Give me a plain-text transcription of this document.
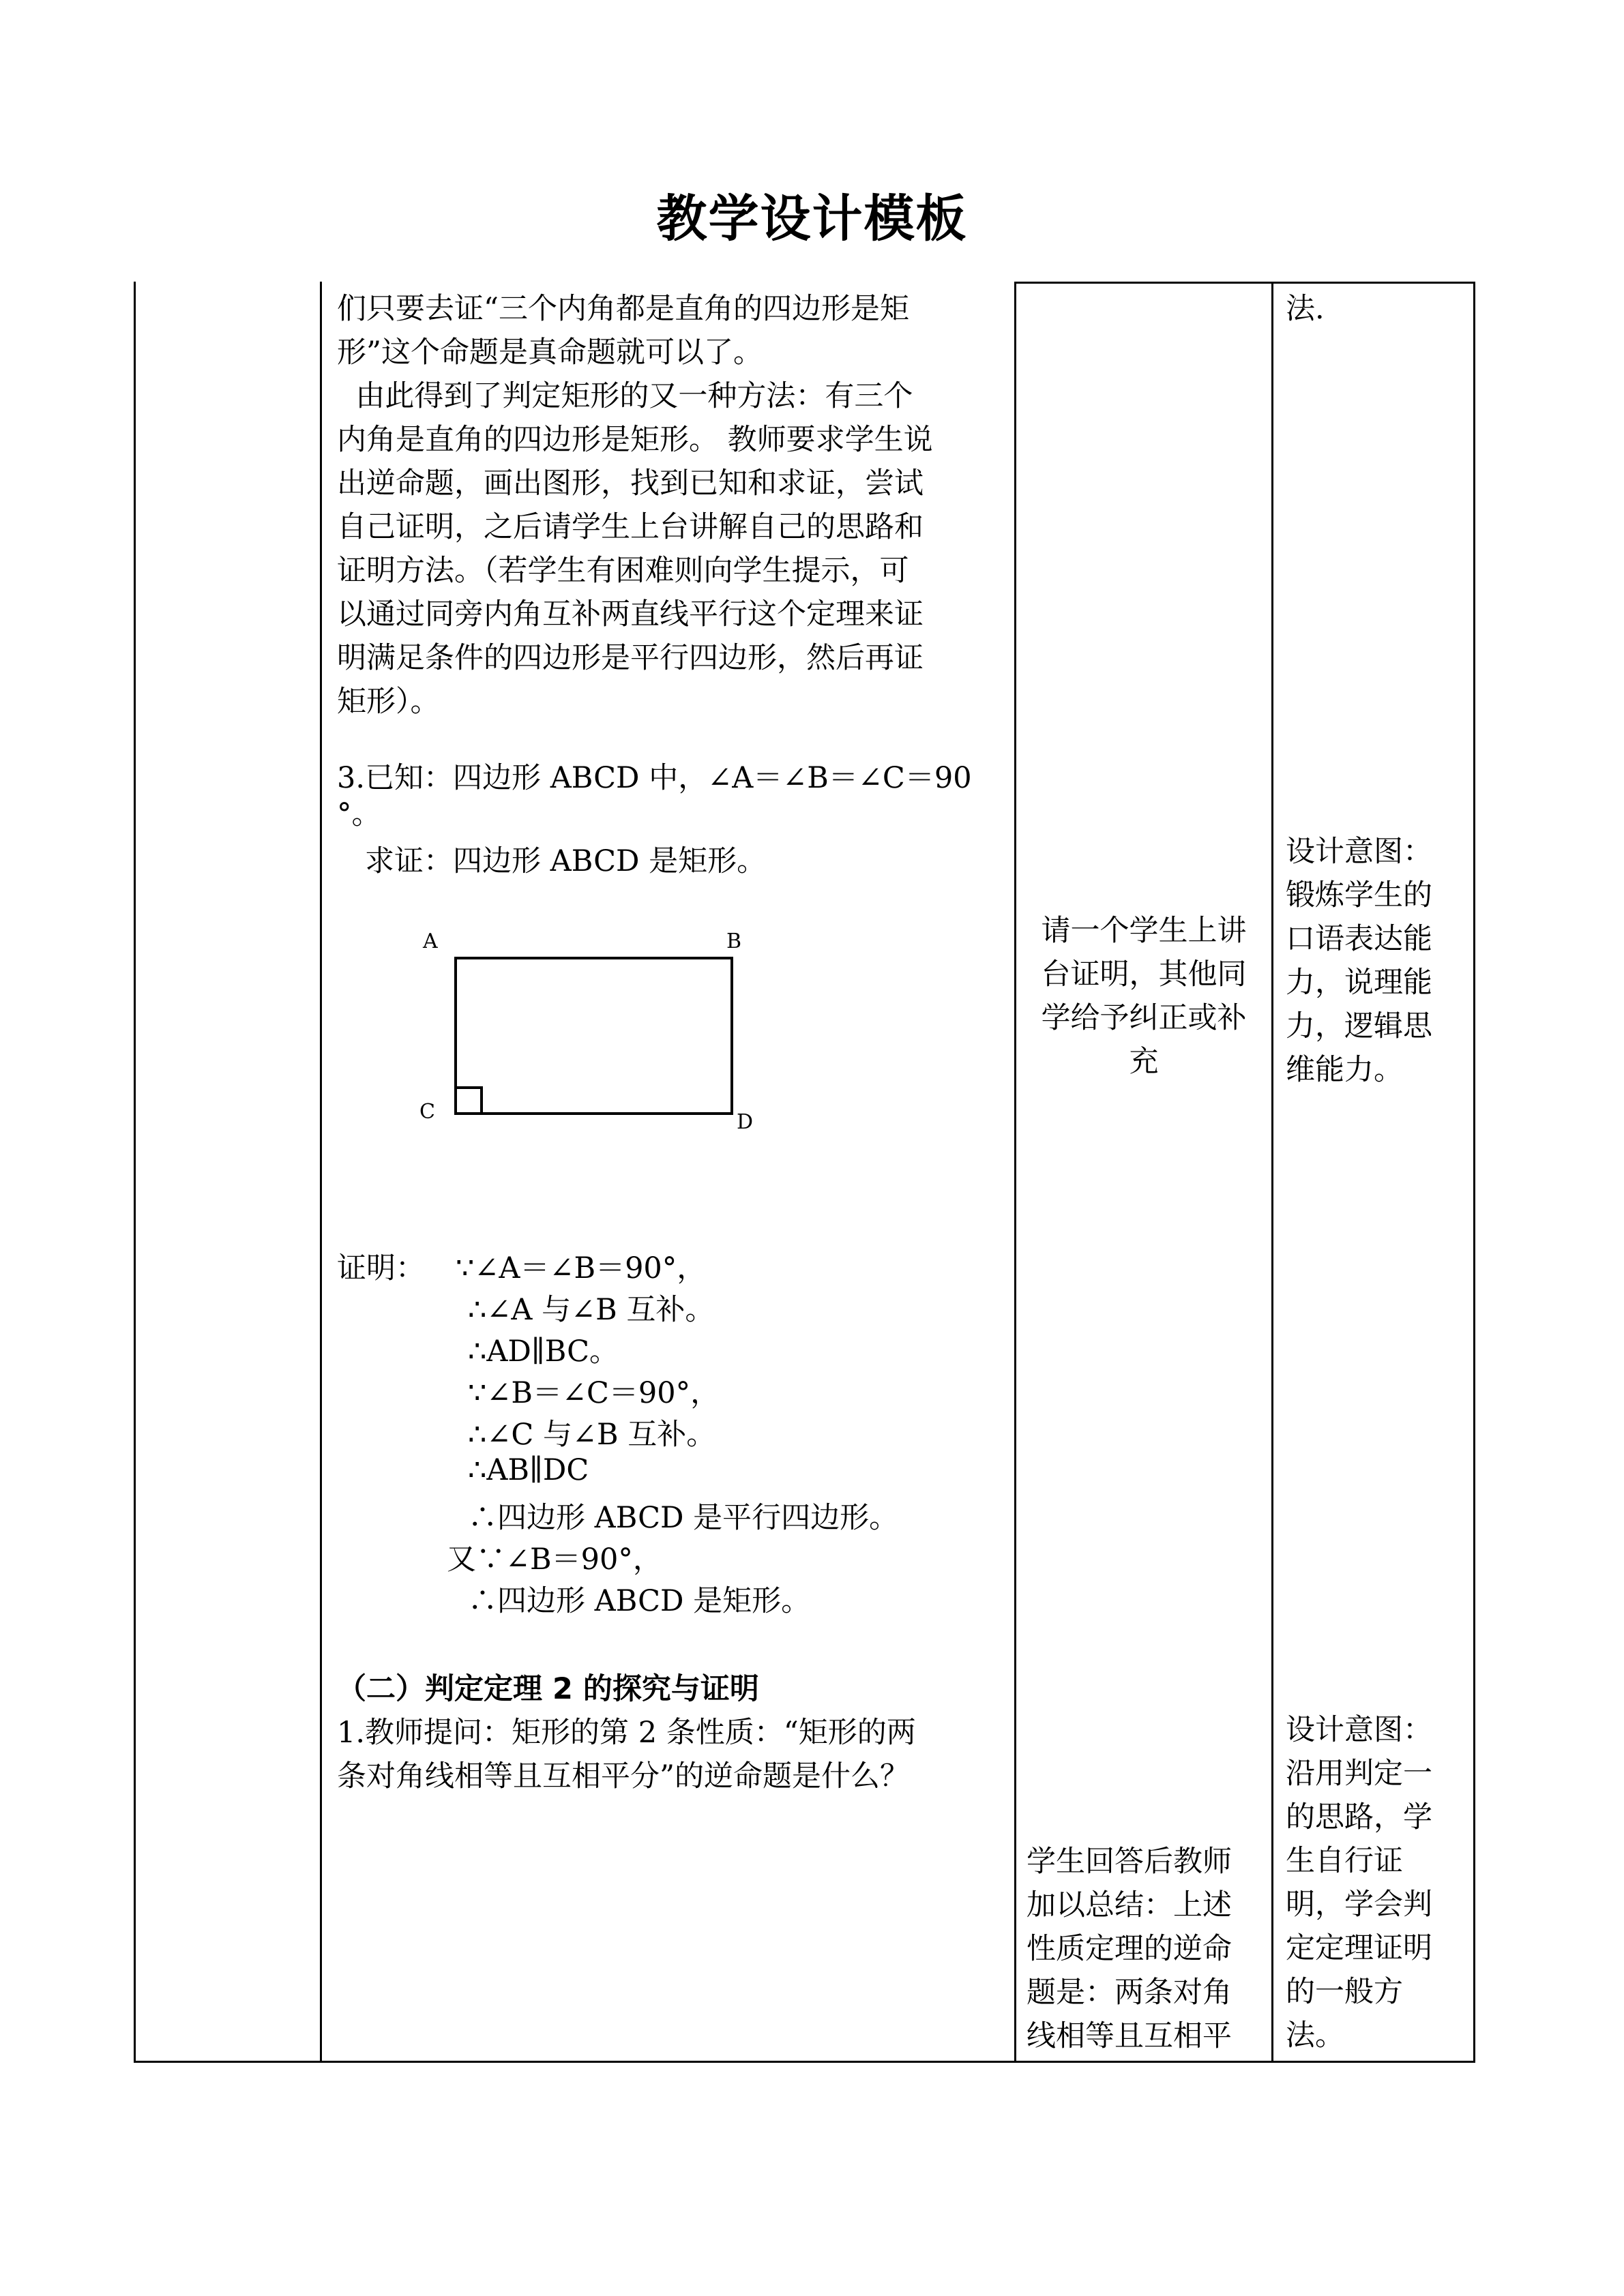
教学设计模板
们只要去证“三个内角都是直角的四边形是矩
形”这个命题是真命题就可以了。
由此得到了判定矩形的又一种方法：有三个
内角是直角的四边形是矩形。 教师要求学生说
出逆命题，画出图形，找到已知和求证，尝试
自己证明，之后请学生上台讲解自己的思路和
证明方法。（若学生有困难则向学生提示，可
以通过同旁内角互补两直线平行这个定理来证
明满足条件的四边形是平行四边形，然后再证
矩形）。
3.已知：四边形 ABCD 中，∠A＝∠B＝∠C＝90
°。
求证：四边形 ABCD 是矩形。
A	B
C	D
证明： ∵∠A＝∠B＝90°，
∴∠A 与∠B 互补。
∴AD∥BC。
∵∠B＝∠C＝90°，
∴∠C 与∠B 互补。
∴AB∥DC
∴四边形 ABCD 是平行四边形。
又∵∠B＝90°，
∴四边形 ABCD 是矩形。
（二）判定定理 2 的探究与证明
1.教师提问：矩形的第 2 条性质：“矩形的两
条对角线相等且互相平分”的逆命题是什么？
请一个学生上讲
台证明，其他同
学给予纠正或补
充
学生回答后教师
加以总结：上述
性质定理的逆命
题是：两条对角
线相等且互相平
法.
设计意图：
锻炼学生的
口语表达能
力，说理能
力，逻辑思
维能力。
设计意图：
沿用判定一
的思路，学
生自行证
明，学会判
定定理证明
的一般方
法。
